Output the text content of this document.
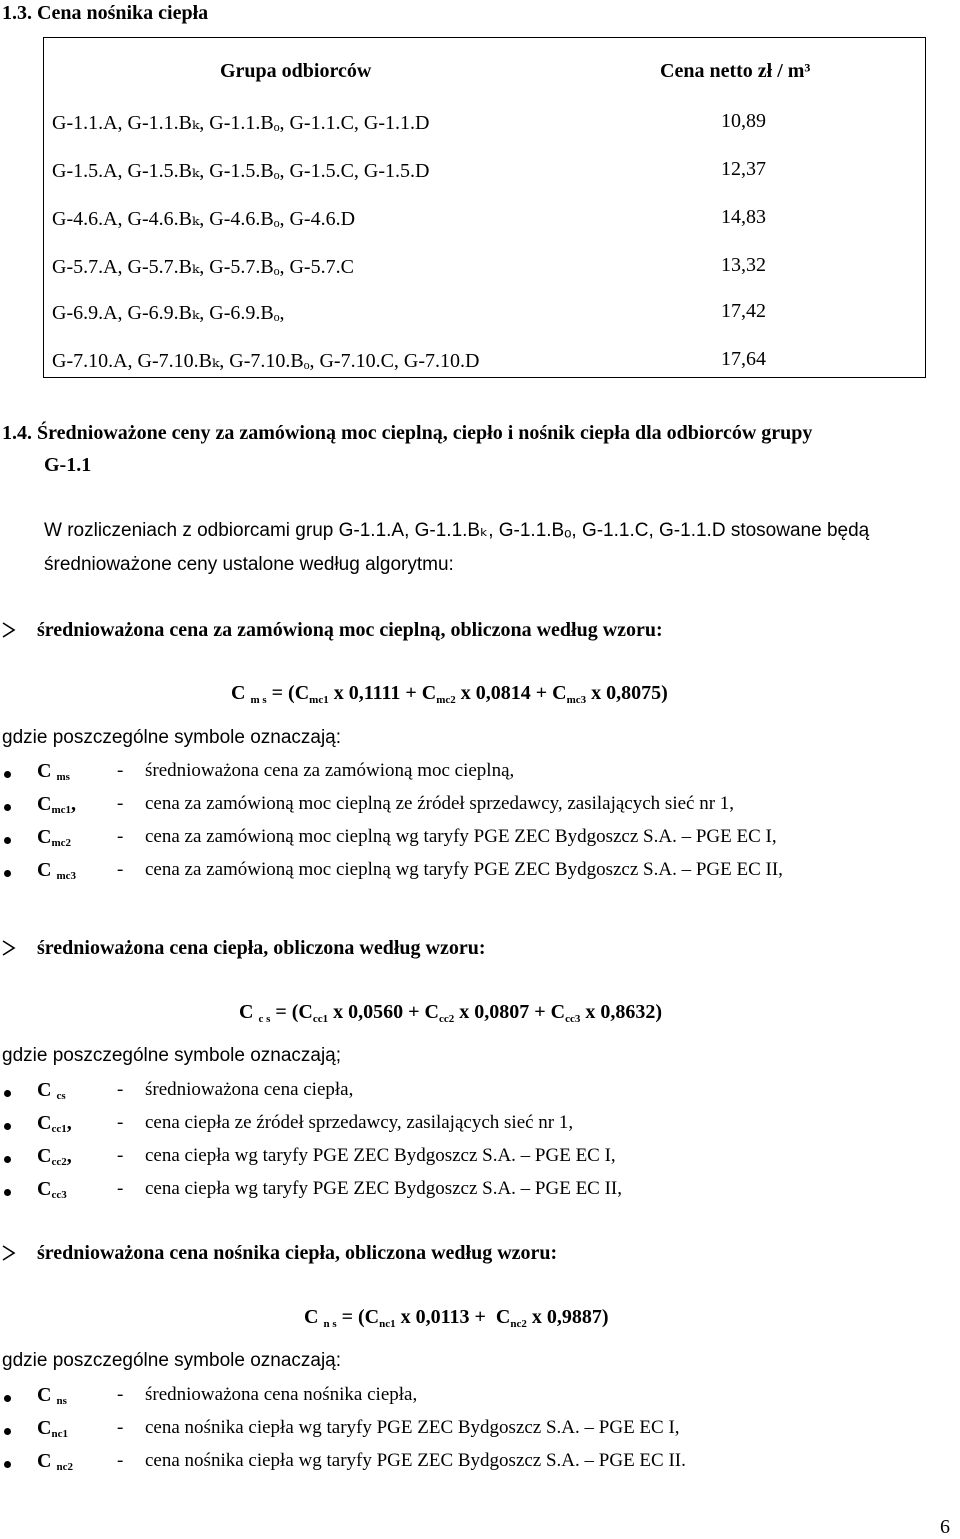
1.3. Cena nośnika ciepła
Grupa odbiorców	Cena netto zł / m³
G-1.1.A, G-1.1.Bₖ, G-1.1.Bₒ, G-1.1.C, G-1.1.D	10,89
G-1.5.A, G-1.5.Bₖ, G-1.5.Bₒ, G-1.5.C, G-1.5.D	12,37
G-4.6.A, G-4.6.Bₖ, G-4.6.Bₒ, G-4.6.D	14,83
G-5.7.A, G-5.7.Bₖ, G-5.7.Bₒ, G-5.7.C	13,32
G-6.9.A, G-6.9.Bₖ, G-6.9.Bₒ,	17,42
G-7.10.A, G-7.10.Bₖ, G-7.10.Bₒ, G-7.10.C, G-7.10.D	17,64
1.4. Średnioważone ceny za zamówioną moc cieplną, ciepło i nośnik ciepła dla odbiorców grupy
G-1.1
W rozliczeniach z odbiorcami grup G-1.1.A, G-1.1.Bₖ, G-1.1.Bₒ, G-1.1.C, G-1.1.D stosowane będą
średnioważone ceny ustalone według algorytmu:
średnioważona cena za zamówioną moc cieplną, obliczona według wzoru:
C $_{m s} = (C_{mc1}$ x $0,1111 + C_{mc2}$ x $0,0814 + C_{mc3}$ x 0,8075)
gdzie poszczególne symbole oznaczają:
C $_{ms}$ - średnioważona cena za zamówioną moc cieplną,
$C_{mc1}$, - cena za zamówioną moc cieplną ze źródeł sprzedawcy, zasilających sieć nr 1,
$C_{mc2}$ - cena za zamówioną moc cieplną wg taryfy PGE ZEC Bydgoszcz S.A. – PGE EC I,
C $_{mc3}$ - cena za zamówioną moc cieplną wg taryfy PGE ZEC Bydgoszcz S.A. – PGE EC II,
średnioważona cena ciepła, obliczona według wzoru:
C $_{c s} = (C_{cc1}$ x $0,0560 + C_{cc2}$ x $0,0807 + C_{cc3}$ x 0,8632)
gdzie poszczególne symbole oznaczają;
C $_{cs}$	- średnioważona cena ciepła,
$C_{cc1}$, - cena ciepła ze źródeł sprzedawcy, zasilających sieć nr 1,
$C_{cc2}$, - cena ciepła wg taryfy PGE ZEC Bydgoszcz S.A. – PGE EC I,
$C_{cc3}$	- cena ciepła wg taryfy PGE ZEC Bydgoszcz S.A. – PGE EC II,
średnioważona cena nośnika ciepła, obliczona według wzoru:
C $_{n s} = (C_{nc1}$ x $0,0113 + C_{nc2}$ x 0,9887)
gdzie poszczególne symbole oznaczają:
C $_{ns}$	- średnioważona cena nośnika ciepła,
$C_{nc1}$	- cena nośnika ciepła wg taryfy PGE ZEC Bydgoszcz S.A. – PGE EC I,
C $_{nc2}$ - cena nośnika ciepła wg taryfy PGE ZEC Bydgoszcz S.A. – PGE EC II.
6
